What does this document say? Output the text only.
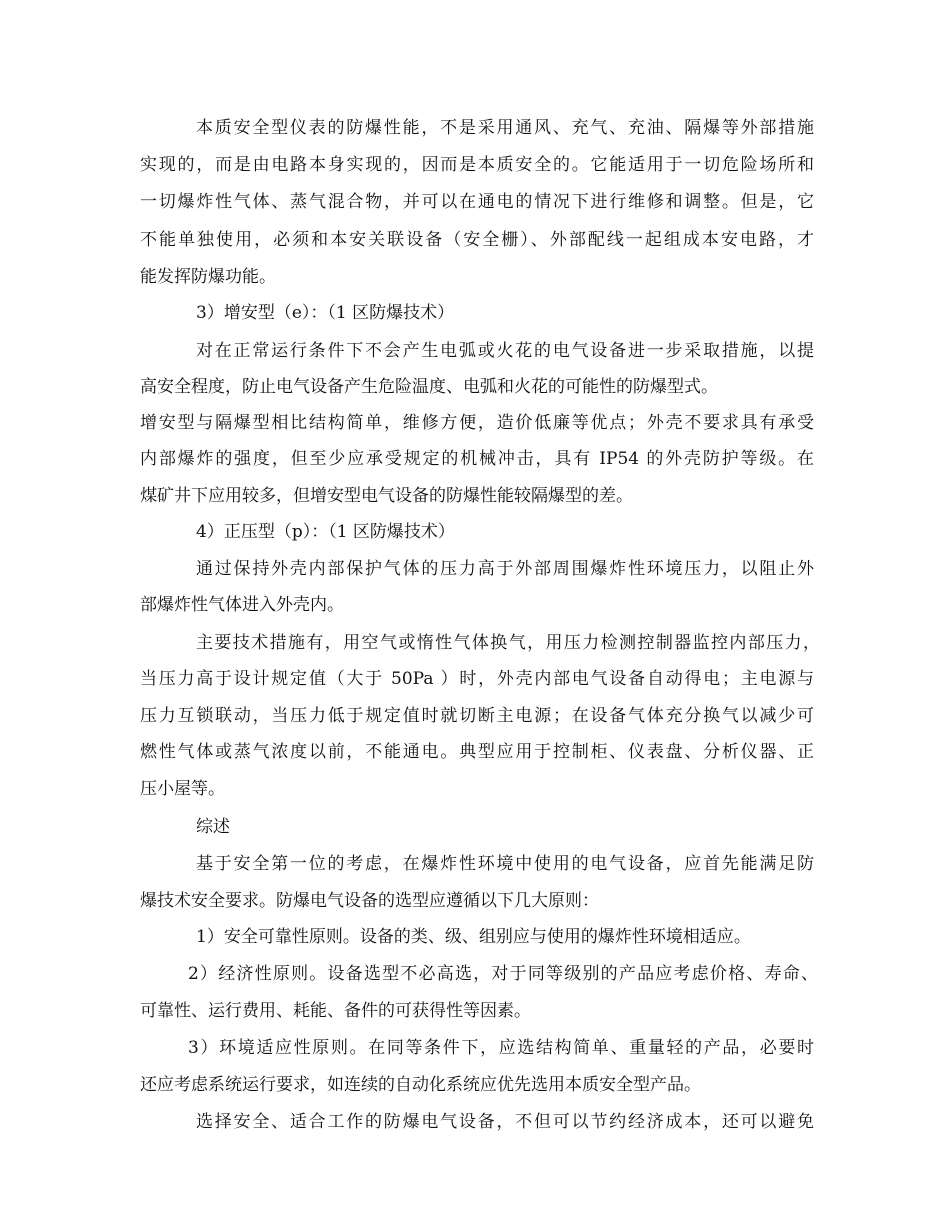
本质安全型仪表的防爆性能，不是采用通风、充气、充油、隔爆等外部措施
实现的，而是由电路本身实现的，因而是本质安全的。它能适用于一切危险场所和
一切爆炸性气体、蒸气混合物，并可以在通电的情况下进行维修和调整。但是，它
不能单独使用，必须和本安关联设备（安全栅）、外部配线一起组成本安电路，才
能发挥防爆功能。
3）增安型（e）：（1 区防爆技术）
对在正常运行条件下不会产生电弧或火花的电气设备进一步采取措施，以提
高安全程度，防止电气设备产生危险温度、电弧和火花的可能性的防爆型式。
增安型与隔爆型相比结构简单，维修方便，造价低廉等优点；外壳不要求具有承受
内部爆炸的强度，但至少应承受规定的机械冲击，具有 IP54 的外壳防护等级。在
煤矿井下应用较多，但增安型电气设备的防爆性能较隔爆型的差。
4）正压型（p）：（1 区防爆技术）
通过保持外壳内部保护气体的压力高于外部周围爆炸性环境压力，以阻止外
部爆炸性气体进入外壳内。
主要技术措施有，用空气或惰性气体换气，用压力检测控制器监控内部压力，
当压力高于设计规定值（大于 50Pa ）时，外壳内部电气设备自动得电；主电源与
压力互锁联动，当压力低于规定值时就切断主电源；在设备气体充分换气以减少可
燃性气体或蒸气浓度以前，不能通电。典型应用于控制柜、仪表盘、分析仪器、正
压小屋等。
综述
基于安全第一位的考虑，在爆炸性环境中使用的电气设备，应首先能满足防
爆技术安全要求。防爆电气设备的选型应遵循以下几大原则：
1）安全可靠性原则。设备的类、级、组别应与使用的爆炸性环境相适应。
2）经济性原则。设备选型不必高选，对于同等级别的产品应考虑价格、寿命、
可靠性、运行费用、耗能、备件的可获得性等因素。
3）环境适应性原则。在同等条件下，应选结构简单、重量轻的产品，必要时
还应考虑系统运行要求，如连续的自动化系统应优先选用本质安全型产品。
选择安全、适合工作的防爆电气设备，不但可以节约经济成本，还可以避免
